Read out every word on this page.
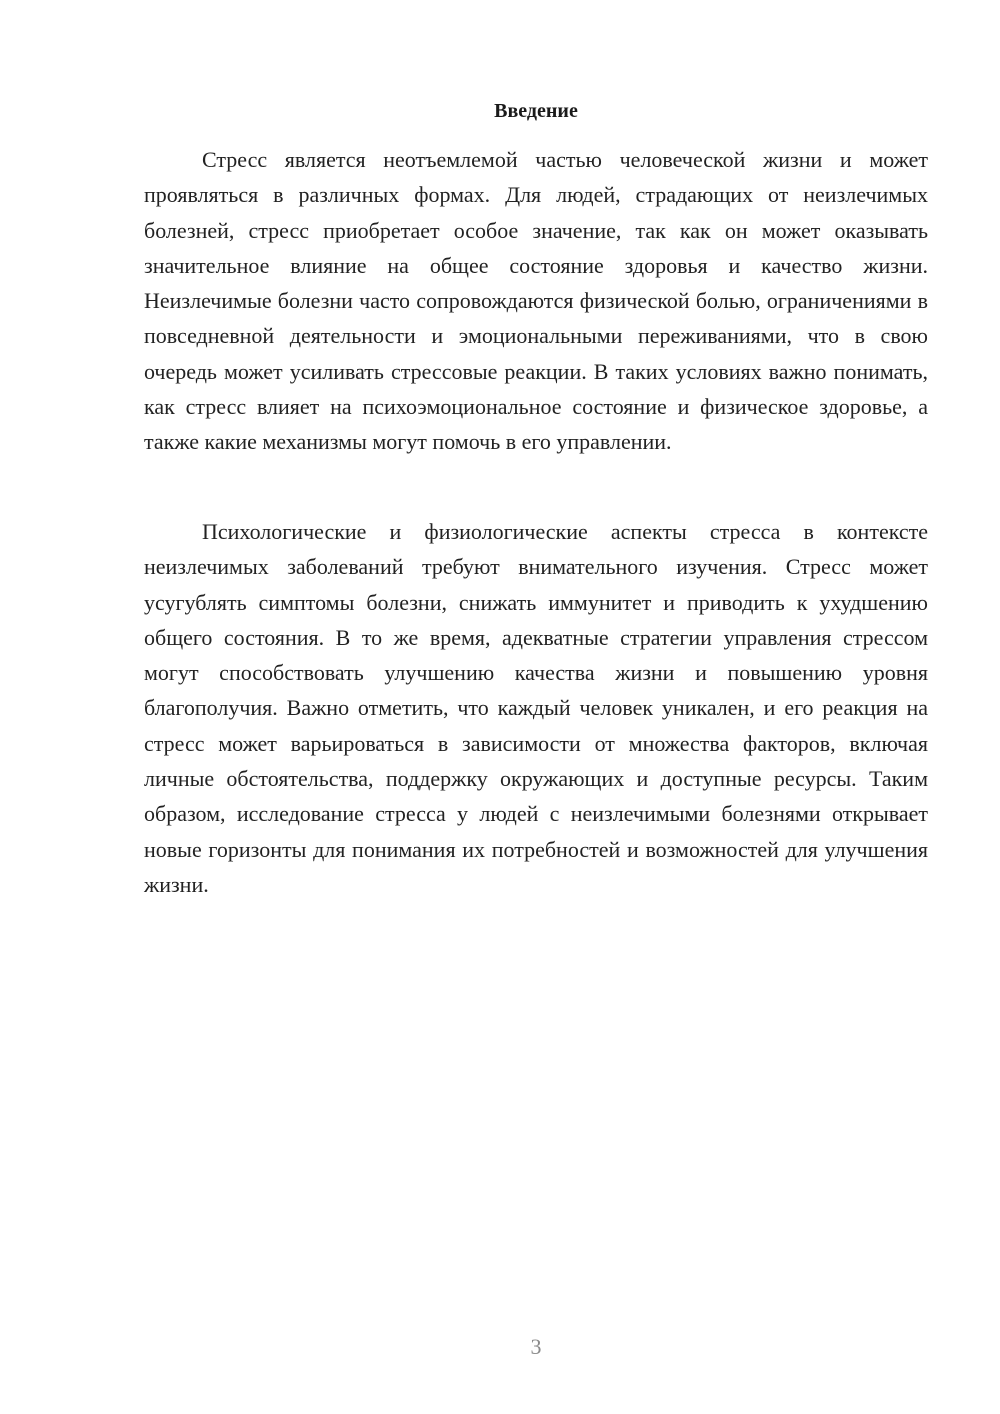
Введение

Стресс является неотъемлемой частью человеческой жизни и может проявляться в различных формах. Для людей, страдающих от неизлечимых болезней, стресс приобретает особое значение, так как он может оказывать значительное влияние на общее состояние здоровья и качество жизни. Неизлечимые болезни часто сопровождаются физической болью, ограничениями в повседневной деятельности и эмоциональными переживаниями, что в свою очередь может усиливать стрессовые реакции. В таких условиях важно понимать, как стресс влияет на психоэмоциональное состояние и физическое здоровье, а также какие механизмы могут помочь в его управлении.

Психологические и физиологические аспекты стресса в контексте неизлечимых заболеваний требуют внимательного изучения. Стресс может усугублять симптомы болезни, снижать иммунитет и приводить к ухудшению общего состояния. В то же время, адекватные стратегии управления стрессом могут способствовать улучшению качества жизни и повышению уровня благополучия. Важно отметить, что каждый человек уникален, и его реакция на стресс может варьироваться в зависимости от множества факторов, включая личные обстоятельства, поддержку окружающих и доступные ресурсы. Таким образом, исследование стресса у людей с неизлечимыми болезнями открывает новые горизонты для понимания их потребностей и возможностей для улучшения жизни.

3
